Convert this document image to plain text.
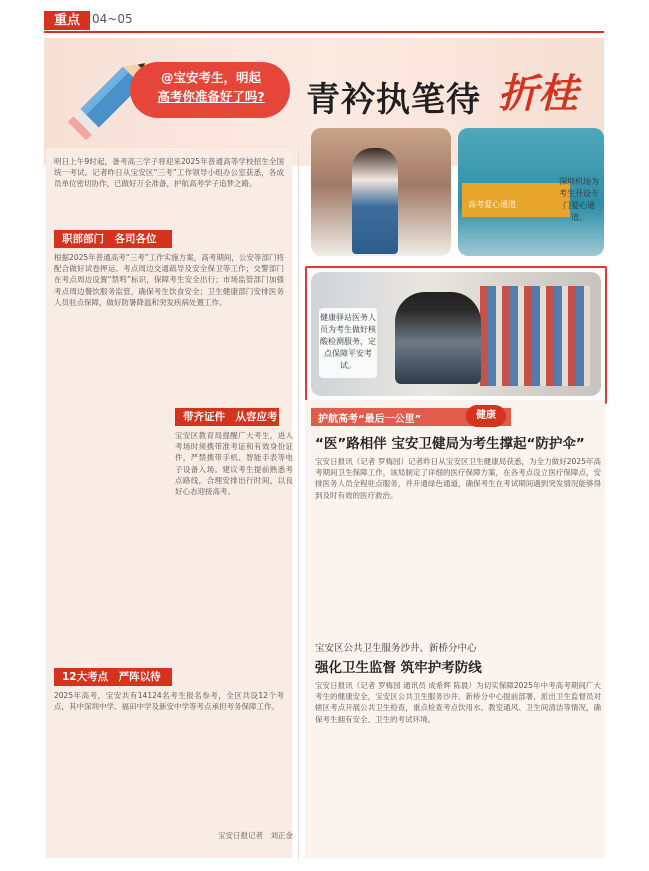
重点	04~05
@宝安考生，明起
高考你准备好了吗?	青衿执笔待 折桂
明日上午9时起，备考高三学子将迎来2025年普通高等学校招生全国统一考试。记者昨日从宝安区“三考”工作领导小组办公室获悉，各成员单位密切协作，已做好万全准备，护航高考学子追梦之路。
职部部门　各司各位
根据2025年普通高考“三考”工作实施方案，高考期间，公安等部门将配合做好试卷押运、考点周边交通疏导及安全保卫等工作；交警部门在考点周边设置“禁鸣”标识，保障考生安全出行；市场监管部门加强考点周边餐饮服务监管，确保考生饮食安全；卫生健康部门安排医务人员驻点保障，做好防暑降温和突发疾病处置工作。
12大考点　严阵以待
2025年高考，宝安共有14124名考生报名参考，全区共设12个考点，其中深圳中学、福田中学及新安中学等考点承担考务保障工作。
带齐证件　从容应考
宝安区教育局提醒广大考生，进入考场时须携带准考证和有效身份证件，严禁携带手机、智能手表等电子设备入场。建议考生提前熟悉考点路线，合理安排出行时间，以良好心态迎接高考。
高考爱心通道
深圳机场为考生开设专门爱心通道。
健康驿站医务人员为考生做好核酸检测服务，定点保障平安考试。
护航高考“最后一公里”	健康
“医”路相伴 宝安卫健局为考生撑起“防护伞”
宝安日报讯（记者 罗梅园）记者昨日从宝安区卫生健康局获悉，为全力做好2025年高考期间卫生保障工作，该局制定了详细的医疗保障方案，在各考点设立医疗保障点，安排医务人员全程驻点服务，并开通绿色通道，确保考生在考试期间遇到突发情况能够得到及时有效的医疗救治。
宝安区公共卫生服务沙井、新桥分中心
强化卫生监督 筑牢护考防线
宝安日报讯（记者 罗梅园 通讯员 成希辉 陈晨）为切实保障2025年中考高考期间广大考生的健康安全，宝安区公共卫生服务沙井、新桥分中心提前部署，派出卫生监督员对辖区考点开展公共卫生检查，重点检查考点饮用水、教室通风、卫生间清洁等情况，确保考生拥有安全、卫生的考试环境。
宝安日报记者　刘正金
